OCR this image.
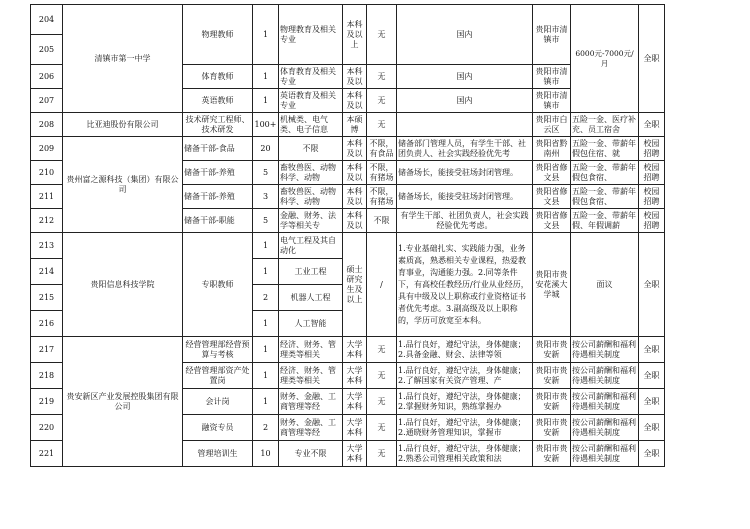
204	清镇市第一中学	物理教师	1	物理教育及相关专业	本科及以上	无	国内	贵阳市清镇市	6000元-7000元/月	全职	
205											
206		体育教师	1	体育教育及相关专业	本科及以	无	国内	贵阳市清镇市			
207		英语教师	1	英语教育及相关专业	本科及以	无	国内	贵阳市清镇市			
208	比亚迪股份有限公司	技术研究工程师、技术研发	100+	机械类、电气类、电子信息	本硕博	无		贵阳市白云区	五险一金、医疗补充、员工宿舍	全职	
209	贵州富之源科技（集团）有限公司	储备干部-食品	20	不限	本科及以	不限，有食品	储备部门管理人员，有学生干部、社团负责人、社会实践经验优先考	贵阳省黔南州	五险一金、带薪年假包住宿、就	校园招聘	
210		储备干部-养殖	5	畜牧兽医、动物科学、动物	本科及以	不限，有猪场	储备场长，能接受驻场封闭管理。	贵阳省修文县	五险一金、带薪年假包食宿、	校园招聘	
211		储备干部-养殖	3	畜牧兽医、动物科学、动物	本科及以	不限，有猪场	储备场长，能接受驻场封闭管理。	贵阳省修文县	五险一金、带薪年假包食宿、	校园招聘	
212		储备干部-职能	5	金融、财务、法学等相关专	本科及以	不限	有学生干部、社团负责人，社会实践经验优先考虑。	贵阳省修文县	五险一金、带薪年假、年假调薪	校园招聘	
213	贵阳信息科技学院	专职教师	1	电气工程及其自动化	硕士研究生及以上	/	1.专业基础扎实、实践能力强，业务素质高，熟悉相关专业课程，热爱教育事业，沟通能力强。2.同等条件下，有高校任教经历/行业从业经历，具有中级及以上职称或行业资格证书者优先考虑。3.副高级及以上职称的，学历可放宽至本科。	贵阳市贵安花溪大学城	面议	全职	
214			1	工业工程							
215			2	机器人工程							
216			1	人工智能							
217	贵安新区产业发展控股集团有限公司	经营管理部经营预算与考核	1	经济、财务、管理类等相关	大学本科	无	1.品行良好，遵纪守法，身体健康；2.具备金融、财会、法律等领	贵阳市贵安新	按公司薪酬和福利待遇相关制度	全职	
218		经营管理部资产处置岗	1	经济、财务、管理类等相关	大学本科	无	1.品行良好，遵纪守法，身体健康；2.了解国家有关资产管理、产	贵阳市贵安新	按公司薪酬和福利待遇相关制度	全职	
219		会计岗	1	财务、金融、工商管理等经	大学本科	无	1.品行良好，遵纪守法，身体健康；2.掌握财务知识，熟练掌握办	贵阳市贵安新	按公司薪酬和福利待遇相关制度	全职	
220		融资专员	2	财务、金融、工商管理等经	大学本科	无	1.品行良好，遵纪守法，身体健康；2.通晓财务管理知识，掌握市	贵阳市贵安新	按公司薪酬和福利待遇相关制度	全职	
221		管理培训生	10	专业不限	大学本科	无	1.品行良好，遵纪守法，身体健康；2.熟悉公司管理相关政策和法	贵阳市贵安新	按公司薪酬和福利待遇相关制度	全职	
